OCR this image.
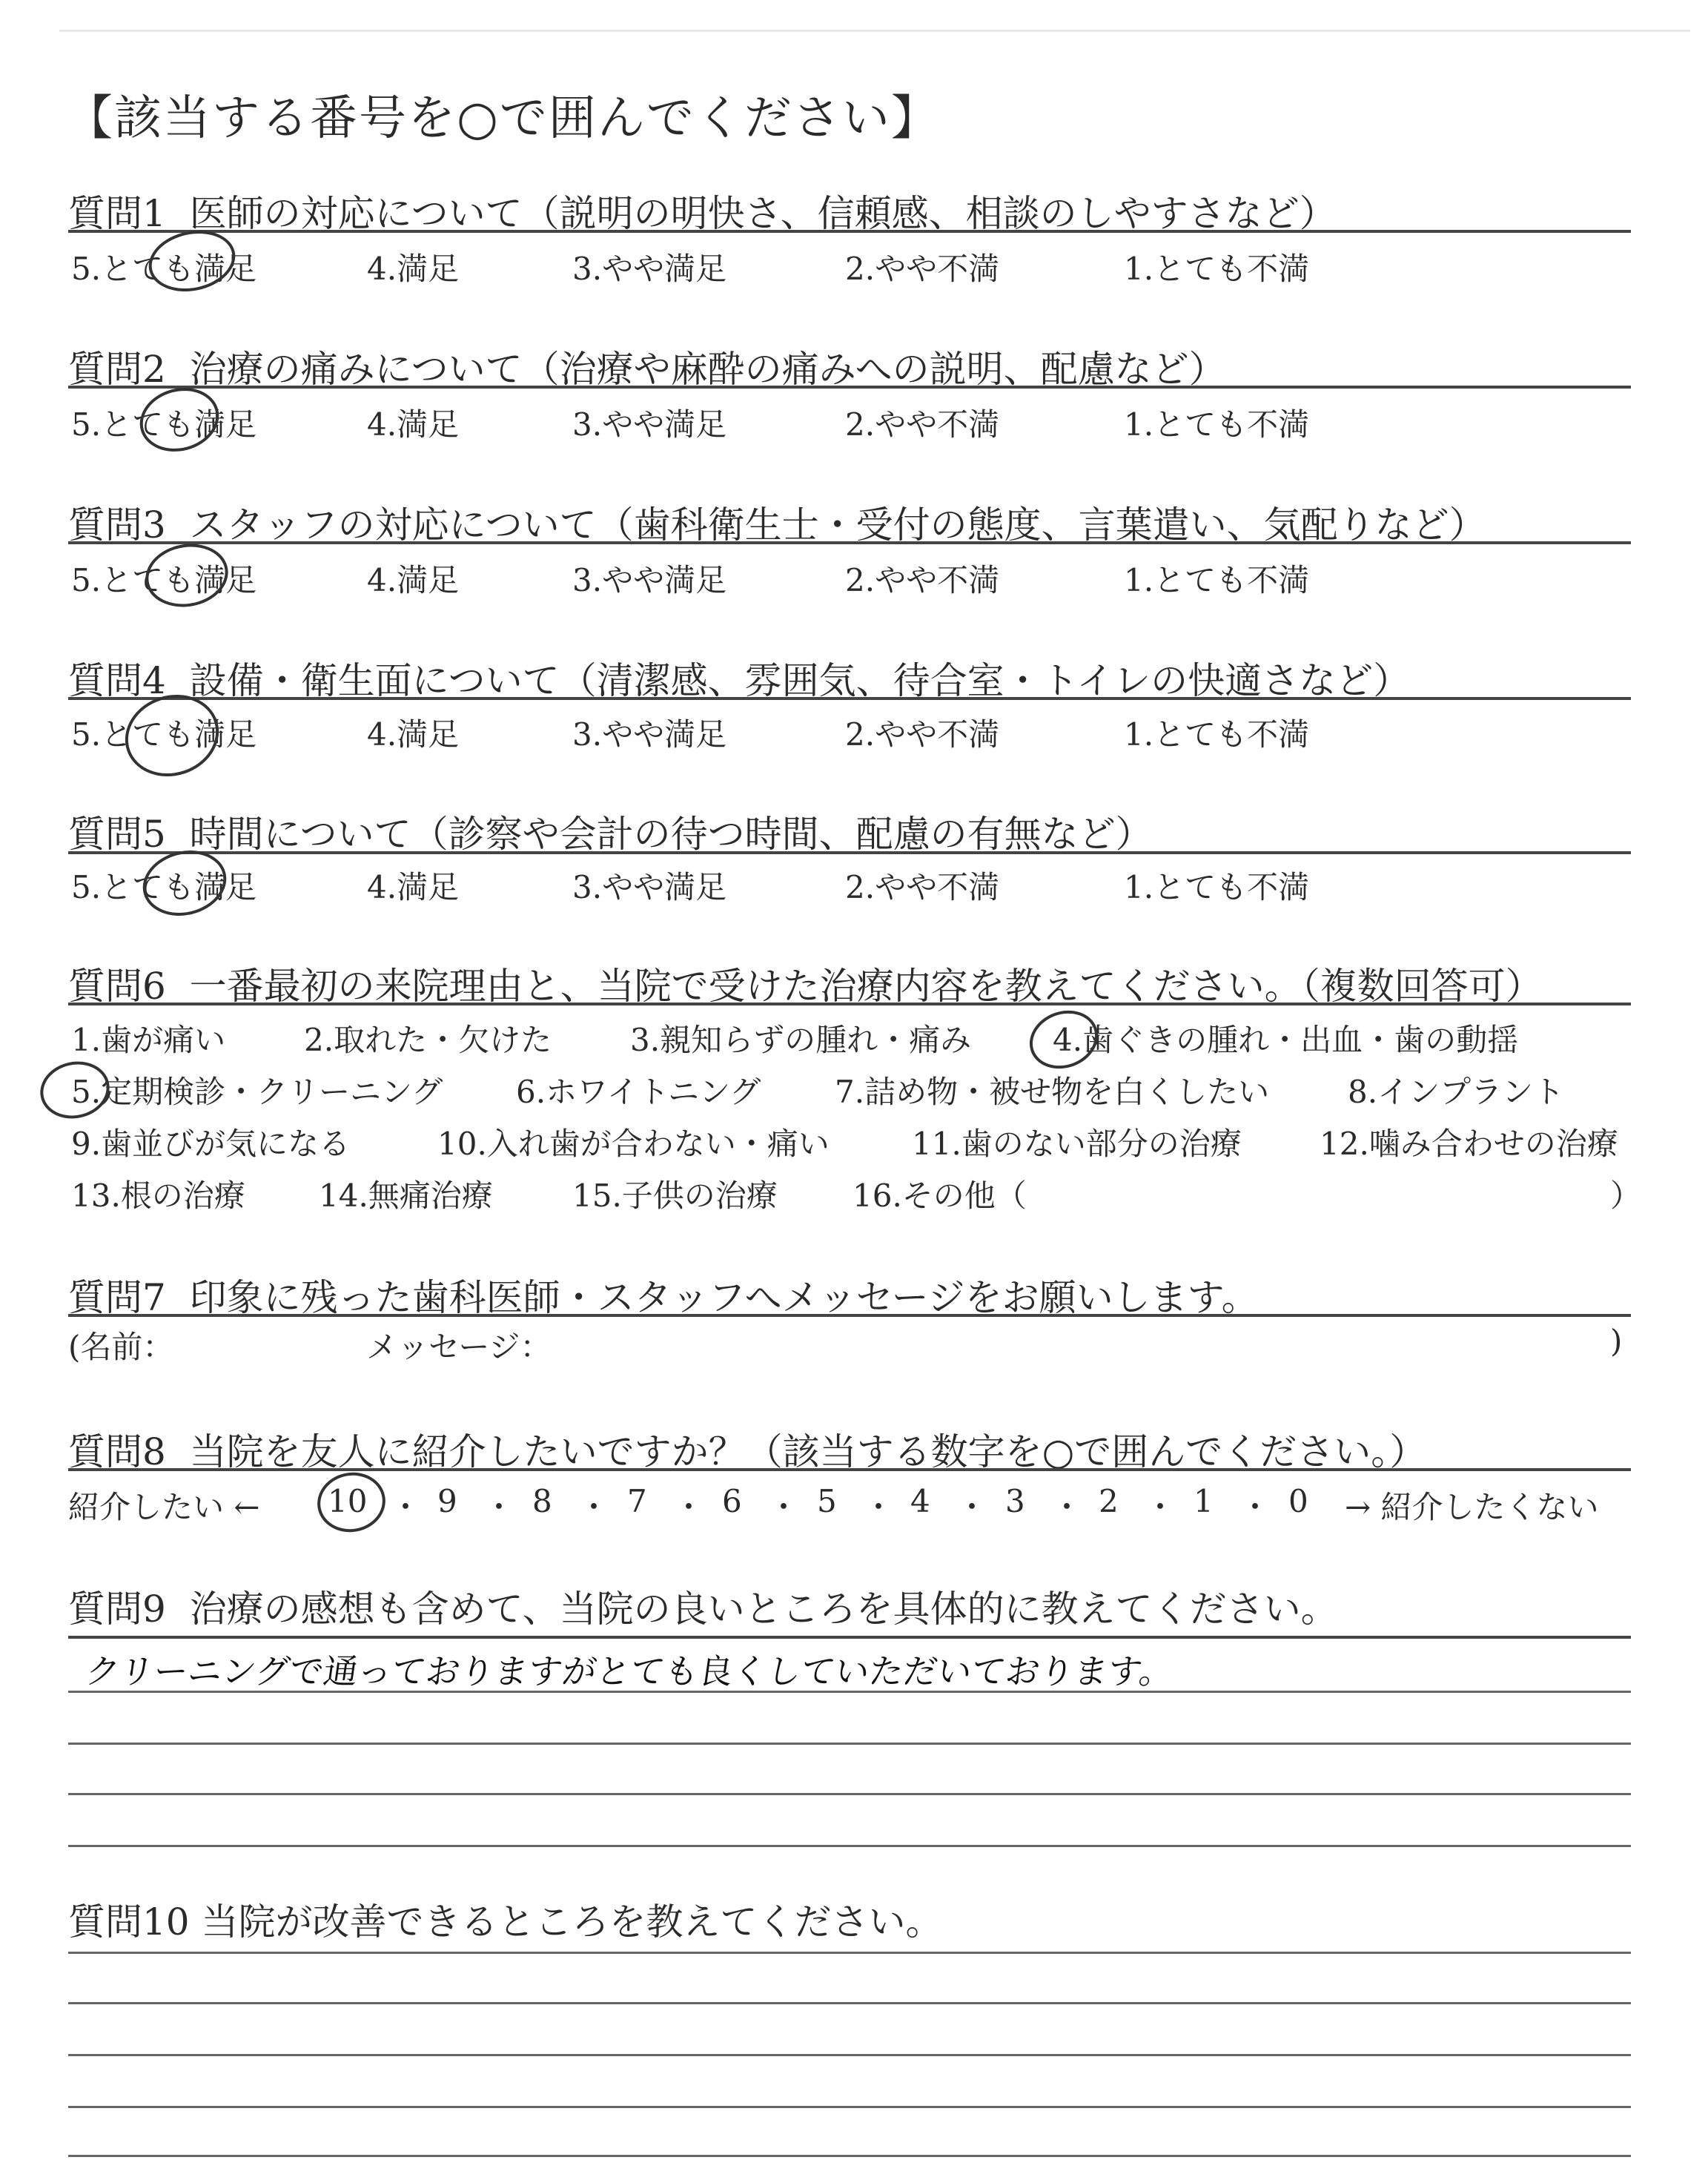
【該当する番号を○で囲んでください】
質問1 医師の対応について（説明の明快さ、信頼感、相談のしやすさなど）
5.とても満足	4.満足	3.やや満足	2.やや不満	1.とても不満
質問2 治療の痛みについて（治療や麻酔の痛みへの説明、配慮など）
5.とても満足	4.満足	3.やや満足	2.やや不満	1.とても不満
質問3 スタッフの対応について（歯科衛生士・受付の態度、言葉遣い、気配りなど）
5.とても満足	4.満足	3.やや満足	2.やや不満	1.とても不満
質問4 設備・衛生面について（清潔感、雰囲気、待合室・トイレの快適さなど）
5.とても満足	4.満足	3.やや満足	2.やや不満	1.とても不満
質問5 時間について（診察や会計の待つ時間、配慮の有無など）
5.とても満足	4.満足	3.やや満足	2.やや不満	1.とても不満
質問6 一番最初の来院理由と、当院で受けた治療内容を教えてください。（複数回答可）
1.歯が痛い	2.取れた・欠けた	3.親知らずの腫れ・痛み	4.歯ぐきの腫れ・出血・歯の動揺
5.定期検診・クリーニング 6.ホワイトニング 7.詰め物・被せ物を白くしたい	8.インプラント
9.歯並びが気になる	10.入れ歯が合わない・痛い	11.歯のない部分の治療	12.噛み合わせの治療
13.根の治療 14.無痛治療	15.子供の治療 16.その他（	）
質問7 印象に残った歯科医師・スタッフへメッセージをお願いします。
(名前：	メッセージ：	)
質問8 当院を友人に紹介したいですか？（該当する数字を○で囲んでください。）
紹介したい ←	→ 紹介したくない
10 ・ 9 ・ 8 ・ 7 ・ 6 ・ 5 ・ 4 ・ 3 ・ 2 ・ 1 ・ 0
質問9 治療の感想も含めて、当院の良いところを具体的に教えてください。
クリーニングで通っておりますがとても良くしていただいております。
質問10 当院が改善できるところを教えてください。
